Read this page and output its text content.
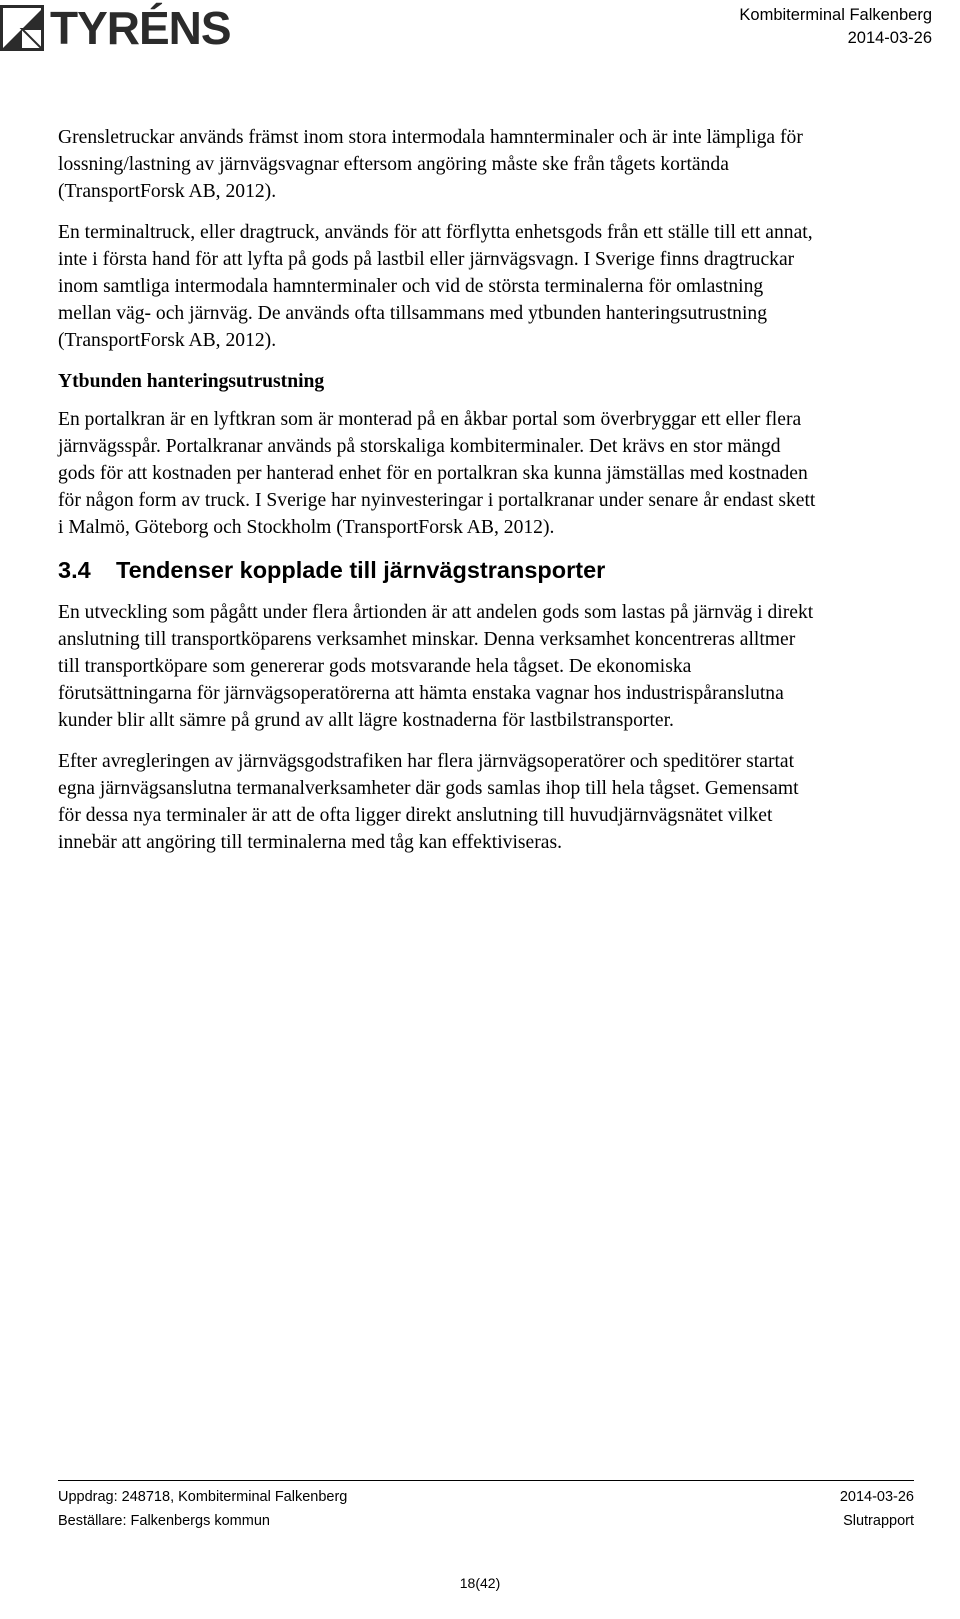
TYRÉNS	Kombiterminal Falkenberg
2014-03-26

Grensletruckar används främst inom stora intermodala hamnterminaler och är inte lämpliga för
lossning/lastning av järnvägsvagnar eftersom angöring måste ske från tågets kortända
(TransportForsk AB, 2012).

En terminaltruck, eller dragtruck, används för att förflytta enhetsgods från ett ställe till ett annat,
inte i första hand för att lyfta på gods på lastbil eller järnvägsvagn. I Sverige finns dragtruckar
inom samtliga intermodala hamnterminaler och vid de största terminalerna för omlastning
mellan väg- och järnväg. De används ofta tillsammans med ytbunden hanteringsutrustning
(TransportForsk AB, 2012).

Ytbunden hanteringsutrustning

En portalkran är en lyftkran som är monterad på en åkbar portal som överbryggar ett eller flera
järnvägsspår. Portalkranar används på storskaliga kombiterminaler. Det krävs en stor mängd
gods för att kostnaden per hanterad enhet för en portalkran ska kunna jämställas med kostnaden
för någon form av truck. I Sverige har nyinvesteringar i portalkranar under senare år endast skett
i Malmö, Göteborg och Stockholm (TransportForsk AB, 2012).

3.4 Tendenser kopplade till järnvägstransporter

En utveckling som pågått under flera årtionden är att andelen gods som lastas på järnväg i direkt
anslutning till transportköparens verksamhet minskar. Denna verksamhet koncentreras alltmer
till transportköpare som genererar gods motsvarande hela tågset. De ekonomiska
förutsättningarna för järnvägsoperatörerna att hämta enstaka vagnar hos industrispåranslutna
kunder blir allt sämre på grund av allt lägre kostnaderna för lastbilstransporter.

Efter avregleringen av järnvägsgodstrafiken har flera järnvägsoperatörer och speditörer startat
egna järnvägsanslutna termanalverksamheter där gods samlas ihop till hela tågset. Gemensamt
för dessa nya terminaler är att de ofta ligger direkt anslutning till huvudjärnvägsnätet vilket
innebär att angöring till terminalerna med tåg kan effektiviseras.

Uppdrag: 248718, Kombiterminal Falkenberg	2014-03-26
Beställare: Falkenbergs kommun	Slutrapport
18(42)
